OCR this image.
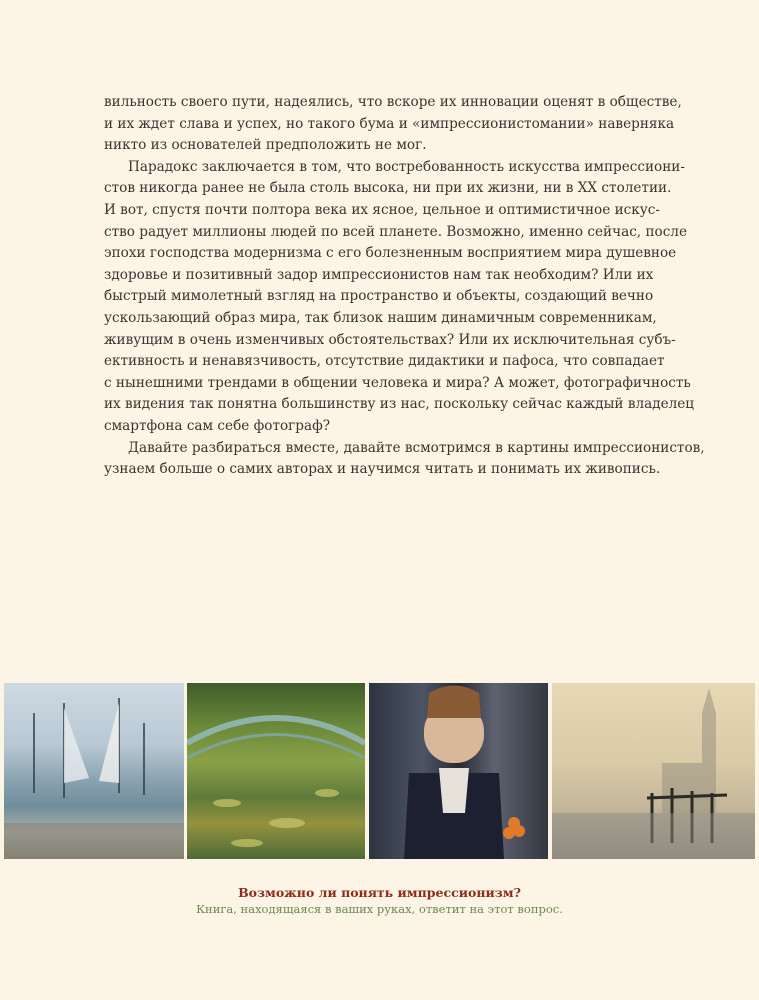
вильность своего пути, надеялись, что вскоре их инновации оценят в обществе,
и их ждет слава и успех, но такого бума и «импрессионистомании» наверняка
никто из основателей предположить не мог.
Парадокс заключается в том, что востребованность искусства импрессиони-
стов никогда ранее не была столь высока, ни при их жизни, ни в XX столетии.
И вот, спустя почти полтора века их ясное, цельное и оптимистичное искус-
ство радует миллионы людей по всей планете. Возможно, именно сейчас, после
эпохи господства модернизма с его болезненным восприятием мира душевное
здоровье и позитивный задор импрессионистов нам так необходим? Или их
быстрый мимолетный взгляд на пространство и объекты, создающий вечно
ускользающий образ мира, так близок нашим динамичным современникам,
живущим в очень изменчивых обстоятельствах? Или их исключительная субъ-
ективность и ненавязчивость, отсутствие дидактики и пафоса, что совпадает
с нынешними трендами в общении человека и мира? А может, фотографичность
их видения так понятна большинству из нас, поскольку сейчас каждый владелец
смартфона сам себе фотограф?
Давайте разбираться вместе, давайте всмотримся в картины импрессионистов,
узнаем больше о самих авторах и научимся читать и понимать их живопись.
Возможно ли понять импрессионизм?
Книга, находящаяся в ваших руках, ответит на этот вопрос.
